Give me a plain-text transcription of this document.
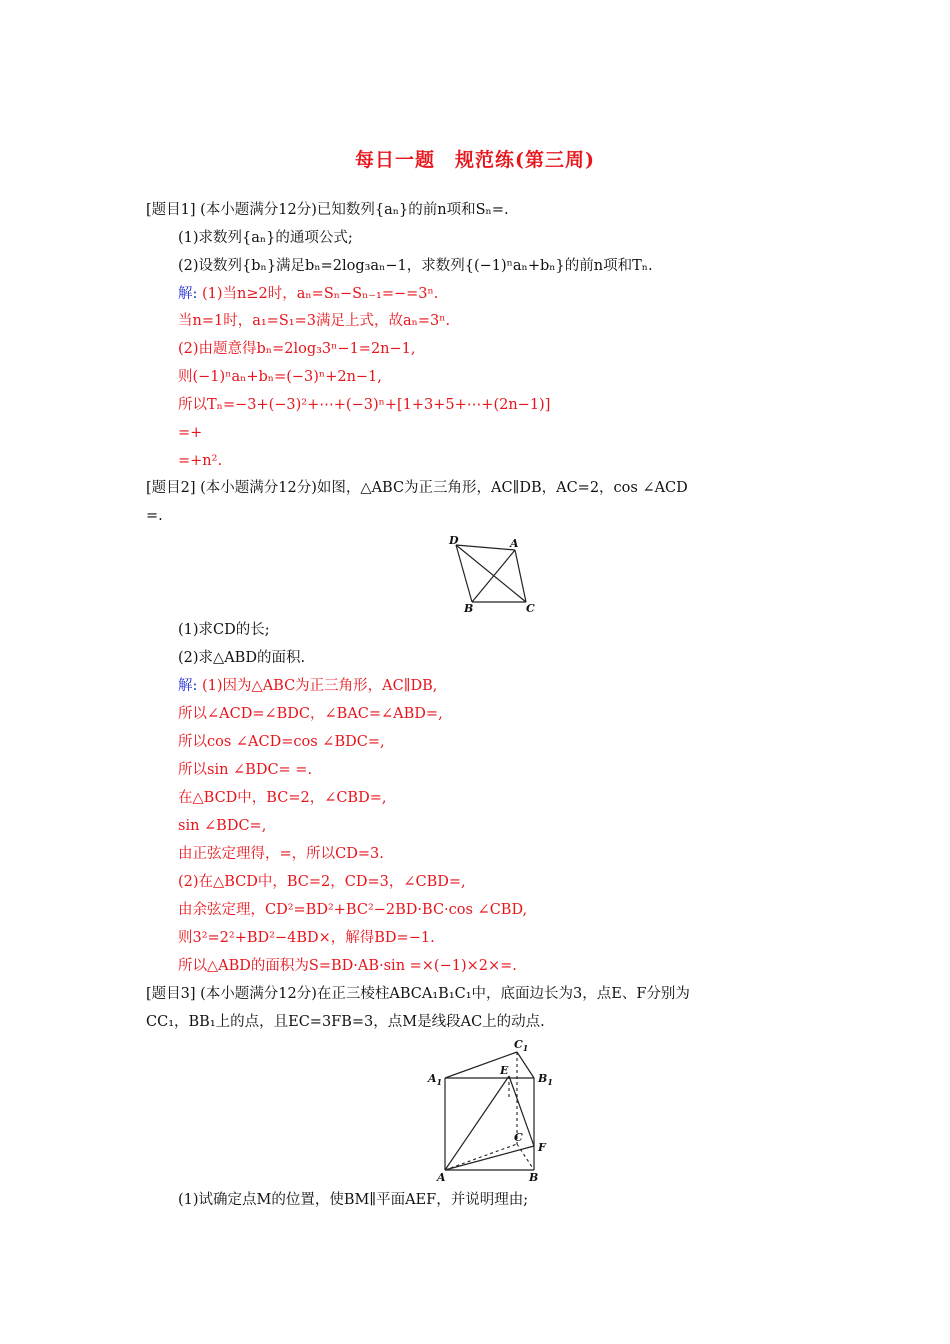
每日一题　规范练(第三周)
[题目1] (本小题满分12分)已知数列{aₙ}的前n项和Sₙ=.
(1)求数列{aₙ}的通项公式;
(2)设数列{bₙ}满足bₙ=2log₃aₙ−1，求数列{(−1)ⁿaₙ+bₙ}的前n项和Tₙ.
解: (1)当n≥2时，aₙ=Sₙ−Sₙ₋₁=−=3ⁿ.
当n=1时，a₁=S₁=3满足上式，故aₙ=3ⁿ.
(2)由题意得bₙ=2log₃3ⁿ−1=2n−1,
则(−1)ⁿaₙ+bₙ=(−3)ⁿ+2n−1,
所以Tₙ=−3+(−3)²+⋯+(−3)ⁿ+[1+3+5+⋯+(2n−1)]
=+
=+n².
[题目2] (本小题满分12分)如图，△ABC为正三角形，AC∥DB，AC=2，cos ∠ACD
=.
D	A
B	C
(1)求CD的长;
(2)求△ABD的面积.
解: (1)因为△ABC为正三角形，AC∥DB,
所以∠ACD=∠BDC，∠BAC=∠ABD=,
所以cos ∠ACD=cos ∠BDC=,
所以sin ∠BDC= =.
在△BCD中，BC=2，∠CBD=,
sin ∠BDC=,
由正弦定理得，=，所以CD=3.
(2)在△BCD中，BC=2，CD=3，∠CBD=,
由余弦定理，CD²=BD²+BC²−2BD·BC·cos ∠CBD,
则3²=2²+BD²−4BD×，解得BD=−1.
所以△ABD的面积为S=BD·AB·sin =×(−1)×2×=.
[题目3] (本小题满分12分)在正三棱柱ABCA₁B₁C₁中，底面边长为3，点E、F分别为
CC₁，BB₁上的点，且EC=3FB=3，点M是线段AC上的动点.
$C_1$
$A_1$	$B_1$
E
C
F
A	B
(1)试确定点M的位置，使BM∥平面AEF，并说明理由;
